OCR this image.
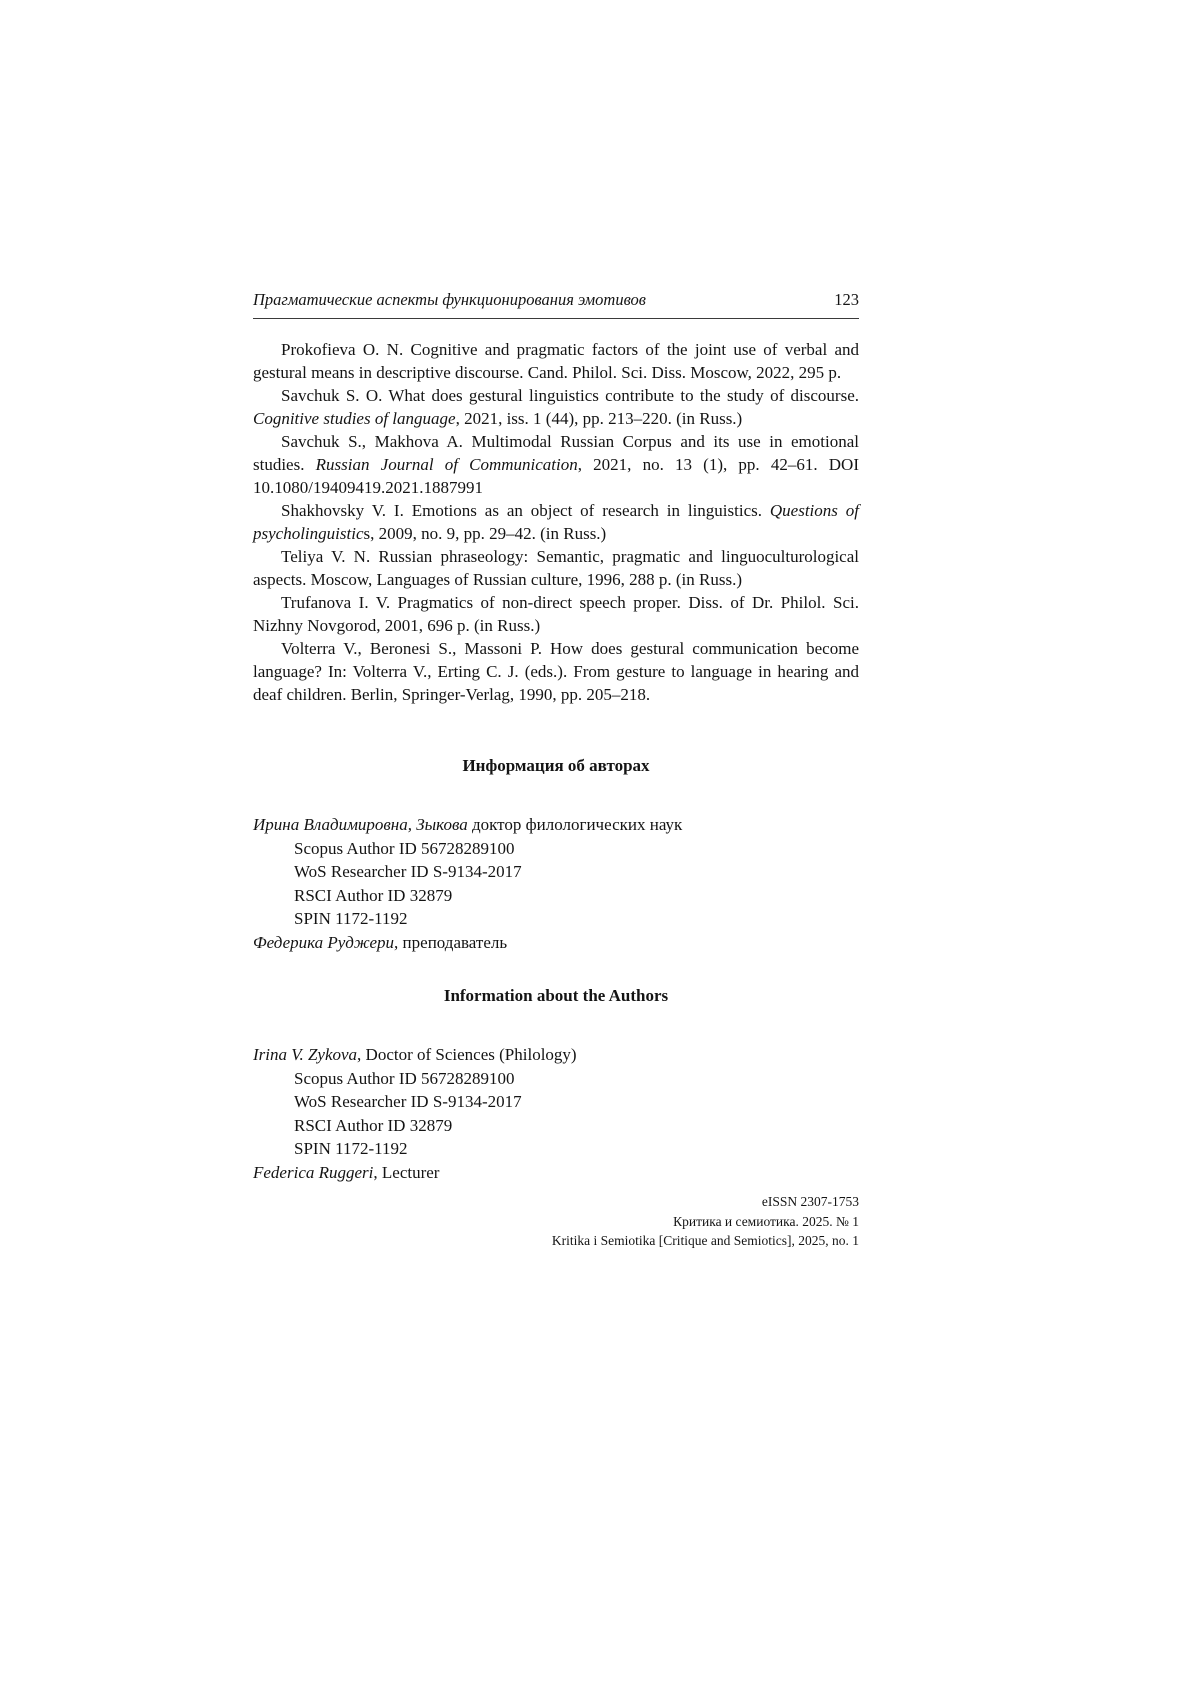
Прагматические аспекты функционирования эмотивов	123

Prokofieva O. N. Cognitive and pragmatic factors of the joint use of verbal and gestural means in descriptive discourse. Cand. Philol. Sci. Diss. Moscow, 2022, 295 p.

Savchuk S. O. What does gestural linguistics contribute to the study of discourse. Cognitive studies of language, 2021, iss. 1 (44), pp. 213–220. (in Russ.)

Savchuk S., Makhova A. Multimodal Russian Corpus and its use in emotional studies. Russian Journal of Communication, 2021, no. 13 (1), pp. 42–61. DOI 10.1080/19409419.2021.1887991

Shakhovsky V. I. Emotions as an object of research in linguistics. Questions of psycholinguistics, 2009, no. 9, pp. 29–42. (in Russ.)

Teliya V. N. Russian phraseology: Semantic, pragmatic and linguoculturological aspects. Moscow, Languages of Russian culture, 1996, 288 p. (in Russ.)

Trufanova I. V. Pragmatics of non-direct speech proper. Diss. of Dr. Philol. Sci. Nizhny Novgorod, 2001, 696 p. (in Russ.)

Volterra V., Beronesi S., Massoni P. How does gestural communication become language? In: Volterra V., Erting C. J. (eds.). From gesture to language in hearing and deaf children. Berlin, Springer-Verlag, 1990, pp. 205–218.

Информация об авторах

Ирина Владимировна, Зыкова доктор филологических наук

Scopus Author ID 56728289100

WoS Researcher ID S-9134-2017

RSCI Author ID 32879

SPIN 1172-1192

Федерика Руджери, преподаватель

Information about the Authors

Irina V. Zykova, Doctor of Sciences (Philology)

Scopus Author ID 56728289100

WoS Researcher ID S-9134-2017

RSCI Author ID 32879

SPIN 1172-1192

Federica Ruggeri, Lecturer

eISSN 2307-1753
Критика и семиотика. 2025. № 1
Kritika i Semiotika [Critique and Semiotics], 2025, no. 1
